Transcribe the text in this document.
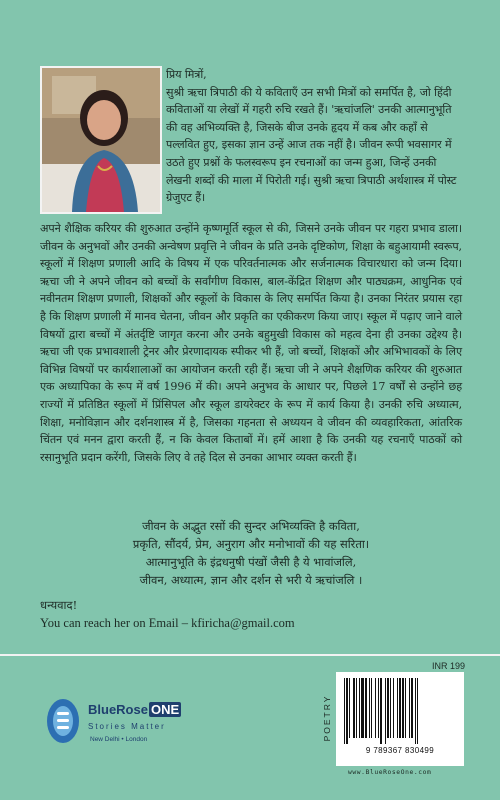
प्रिय मित्रों,

सुश्री ऋचा त्रिपाठी की ये कविताएँ उन सभी मित्रों को समर्पित है, जो हिंदी कविताओं या लेखों में गहरी रुचि रखते हैं। 'ऋचांजलि' उनकी आत्मानुभूति की वह अभिव्यक्ति है, जिसके बीज उनके हृदय में कब और कहाँ से पल्लवित हुए, इसका ज्ञान उन्हें आज तक नहीं है। जीवन रूपी भवसागर में उठते हुए प्रश्नों के फलस्वरूप इन रचनाओं का जन्म हुआ, जिन्हें उनकी लेखनी शब्दों की माला में पिरोती गई। सुश्री ऋचा त्रिपाठी अर्थशास्त्र में पोस्ट ग्रेजुएट हैं।

अपने शैक्षिक करियर की शुरुआत उन्होंने कृष्णमूर्ति स्कूल से की, जिसने उनके जीवन पर गहरा प्रभाव डाला। जीवन के अनुभवों और उनकी अन्वेषण प्रवृत्ति ने जीवन के प्रति उनके दृष्टिकोण, शिक्षा के बहुआयामी स्वरूप, स्कूलों में शिक्षण प्रणाली आदि के विषय में एक परिवर्तनात्मक और सर्जनात्मक विचारधारा को जन्म दिया। ऋचा जी ने अपने जीवन को बच्चों के सर्वांगीण विकास, बाल-केंद्रित शिक्षण और पाठ्यक्रम, आधुनिक एवं नवीनतम शिक्षण प्रणाली, शिक्षकों और स्कूलों के विकास के लिए समर्पित किया है। उनका निरंतर प्रयास रहा है कि शिक्षण प्रणाली में मानव चेतना, जीवन और प्रकृति का एकीकरण किया जाए। स्कूल में पढ़ाए जाने वाले विषयों द्वारा बच्चों में अंतर्दृष्टि जागृत करना और उनके बहुमुखी विकास को महत्व देना ही उनका उद्देश्य है। ऋचा जी एक प्रभावशाली ट्रेनर और प्रेरणादायक स्पीकर भी हैं, जो बच्चों, शिक्षकों और अभिभावकों के लिए विभिन्न विषयों पर कार्यशालाओं का आयोजन करती रही हैं। ऋचा जी ने अपने शैक्षणिक करियर की शुरुआत एक अध्यापिका के रूप में वर्ष 1996 में की। अपने अनुभव के आधार पर, पिछले 17 वर्षों से उन्होंने छह राज्यों में प्रतिष्ठित स्कूलों में प्रिंसिपल और स्कूल डायरेक्टर के रूप में कार्य किया है। उनकी रुचि अध्यात्म, शिक्षा, मनोविज्ञान और दर्शनशास्त्र में है, जिसका गहनता से अध्ययन वे जीवन की व्यवहारिकता, आंतरिक चिंतन एवं मनन द्वारा करती हैं, न कि केवल किताबों में। हमें आशा है कि उनकी यह रचनाएँ पाठकों को रसानुभूति प्रदान करेंगी, जिसके लिए वे तहे दिल से उनका आभार व्यक्त करती हैं।

जीवन के अद्भुत रसों की सुन्दर अभिव्यक्ति है कविता,
प्रकृति, सौंदर्य, प्रेम, अनुराग और मनोभावों की यह सरिता।
आत्मानुभूति के इंद्रधनुषी पंखों जैसी है ये भावांजलि,
जीवन, अध्यात्म, ज्ञान और दर्शन से भरी ये ऋचांजलि ।
धन्यवाद!
You can reach her on Email – kfiricha@gmail.com
BlueRose ONE
Stories Matter
New Delhi • London
INR 199
POETRY
9 789367 830499
www.BlueRoseOne.com
